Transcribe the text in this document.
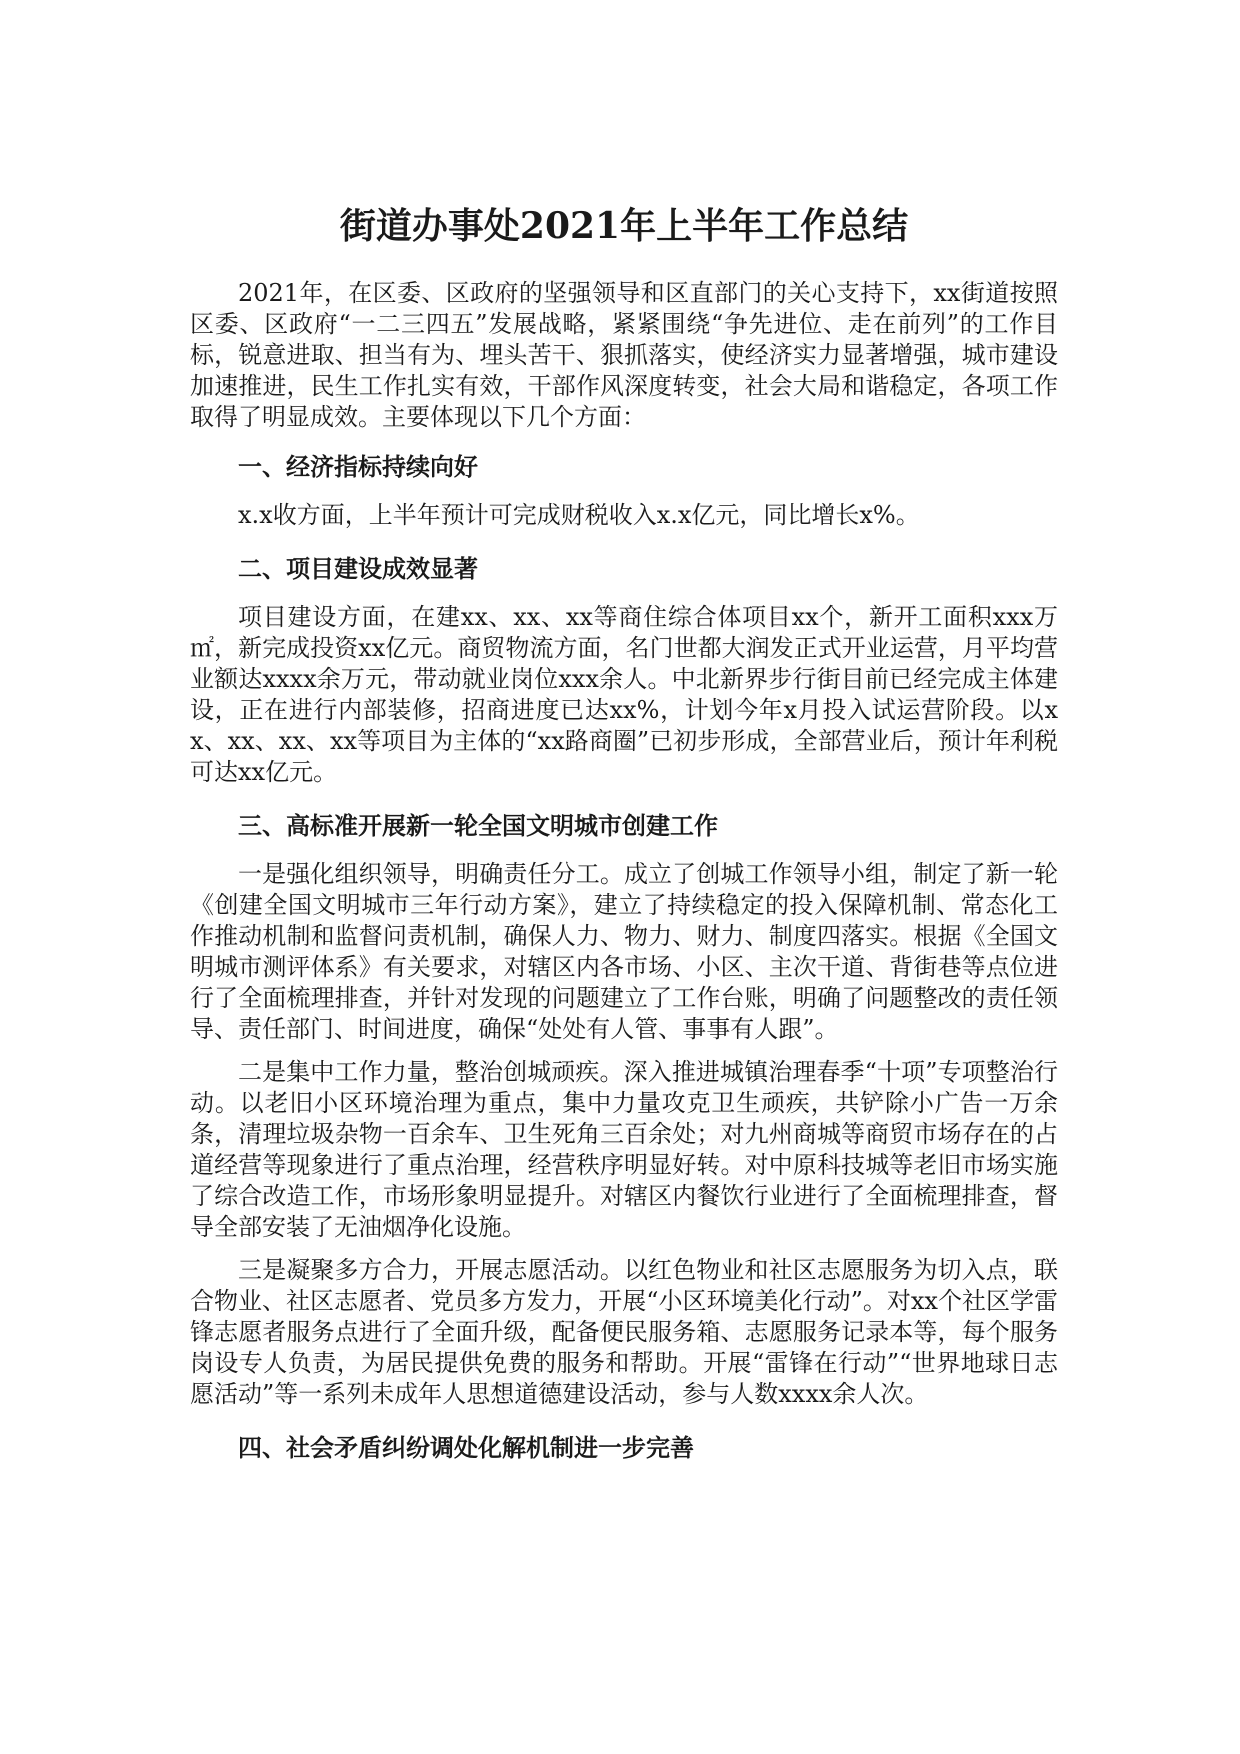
街道办事处2021年上半年工作总结

2021年，在区委、区政府的坚强领导和区直部门的关心支持下，xx街道按照区委、区政府“一二三四五”发展战略，紧紧围绕“争先进位、走在前列”的工作目标，锐意进取、担当有为、埋头苦干、狠抓落实，使经济实力显著增强，城市建设加速推进，民生工作扎实有效，干部作风深度转变，社会大局和谐稳定，各项工作取得了明显成效。主要体现以下几个方面：

一、经济指标持续向好

x.x收方面，上半年预计可完成财税收入x.x亿元，同比增长x%。

二、项目建设成效显著

项目建设方面，在建xx、xx、xx等商住综合体项目xx个，新开工面积xxx万㎡，新完成投资xx亿元。商贸物流方面，名门世都大润发正式开业运营，月平均营业额达xxxx余万元，带动就业岗位xxx余人。中北新界步行街目前已经完成主体建设，正在进行内部装修，招商进度已达xx%，计划今年x月投入试运营阶段。以xx、xx、xx、xx等项目为主体的“xx路商圈”已初步形成，全部营业后，预计年利税可达xx亿元。

三、高标准开展新一轮全国文明城市创建工作

一是强化组织领导，明确责任分工。成立了创城工作领导小组，制定了新一轮《创建全国文明城市三年行动方案》，建立了持续稳定的投入保障机制、常态化工作推动机制和监督问责机制，确保人力、物力、财力、制度四落实。根据《全国文明城市测评体系》有关要求，对辖区内各市场、小区、主次干道、背街巷等点位进行了全面梳理排查，并针对发现的问题建立了工作台账，明确了问题整改的责任领导、责任部门、时间进度，确保“处处有人管、事事有人跟”。

二是集中工作力量，整治创城顽疾。深入推进城镇治理春季“十项”专项整治行动。以老旧小区环境治理为重点，集中力量攻克卫生顽疾，共铲除小广告一万余条，清理垃圾杂物一百余车、卫生死角三百余处；对九州商城等商贸市场存在的占道经营等现象进行了重点治理，经营秩序明显好转。对中原科技城等老旧市场实施了综合改造工作，市场形象明显提升。对辖区内餐饮行业进行了全面梳理排查，督导全部安装了无油烟净化设施。

三是凝聚多方合力，开展志愿活动。以红色物业和社区志愿服务为切入点，联合物业、社区志愿者、党员多方发力，开展“小区环境美化行动”。对xx个社区学雷锋志愿者服务点进行了全面升级，配备便民服务箱、志愿服务记录本等，每个服务岗设专人负责，为居民提供免费的服务和帮助。开展“雷锋在行动”“世界地球日志愿活动”等一系列未成年人思想道德建设活动，参与人数xxxx余人次。

四、社会矛盾纠纷调处化解机制进一步完善
